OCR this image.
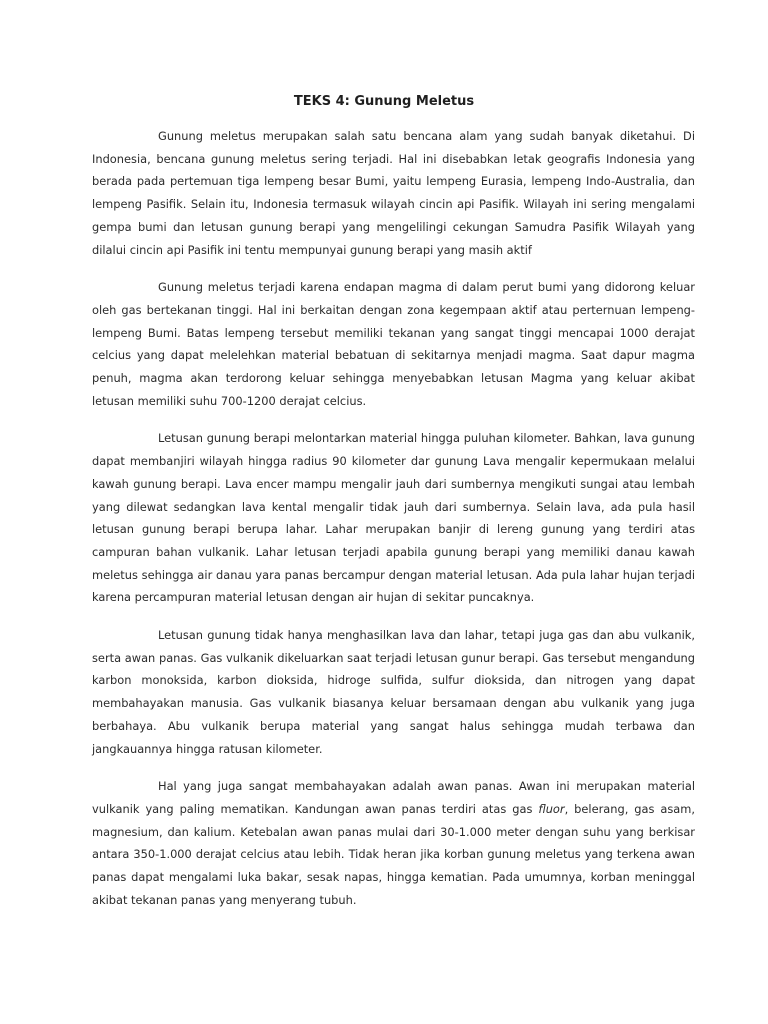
TEKS 4: Gunung Meletus

Gunung meletus merupakan salah satu bencana alam yang sudah banyak diketahui. Di Indonesia, bencana gunung meletus sering terjadi. Hal ini disebabkan letak geografis Indonesia yang berada pada pertemuan tiga lempeng besar Bumi, yaitu lempeng Eurasia, lempeng Indo-Australia, dan lempeng Pasifik. Selain itu, Indonesia termasuk wilayah cincin api Pasifik. Wilayah ini sering mengalami gempa bumi dan letusan gunung berapi yang mengelilingi cekungan Samudra Pasifik Wilayah yang dilalui cincin api Pasifik ini tentu mempunyai gunung berapi yang masih aktif

Gunung meletus terjadi karena endapan magma di dalam perut bumi yang didorong keluar oleh gas bertekanan tinggi. Hal ini berkaitan dengan zona kegempaan aktif atau perternuan lempeng-lempeng Bumi. Batas lempeng tersebut memiliki tekanan yang sangat tinggi mencapai 1000 derajat celcius yang dapat melelehkan material bebatuan di sekitarnya menjadi magma. Saat dapur magma penuh, magma akan terdorong keluar sehingga menyebabkan letusan Magma yang keluar akibat letusan memiliki suhu 700-1200 derajat celcius.

Letusan gunung berapi melontarkan material hingga puluhan kilometer. Bahkan, lava gunung dapat membanjiri wilayah hingga radius 90 kilometer dar gunung Lava mengalir kepermukaan melalui kawah gunung berapi. Lava encer mampu mengalir jauh dari sumbernya mengikuti sungai atau lembah yang dilewat sedangkan lava kental mengalir tidak jauh dari sumbernya. Selain lava, ada pula hasil letusan gunung berapi berupa lahar. Lahar merupakan banjir di lereng gunung yang terdiri atas campuran bahan vulkanik. Lahar letusan terjadi apabila gunung berapi yang memiliki danau kawah meletus sehingga air danau yara panas bercampur dengan material letusan. Ada pula lahar hujan terjadi karena percampuran material letusan dengan air hujan di sekitar puncaknya.

Letusan gunung tidak hanya menghasilkan lava dan lahar, tetapi juga gas dan abu vulkanik, serta awan panas. Gas vulkanik dikeluarkan saat terjadi letusan gunur berapi. Gas tersebut mengandung karbon monoksida, karbon dioksida, hidroge sulfida, sulfur dioksida, dan nitrogen yang dapat membahayakan manusia. Gas vulkanik biasanya keluar bersamaan dengan abu vulkanik yang juga berbahaya. Abu vulkanik berupa material yang sangat halus sehingga mudah terbawa dan jangkauannya hingga ratusan kilometer.

Hal yang juga sangat membahayakan adalah awan panas. Awan ini merupakan material vulkanik yang paling mematikan. Kandungan awan panas terdiri atas gas fluor, belerang, gas asam, magnesium, dan kalium. Ketebalan awan panas mulai dari 30-1.000 meter dengan suhu yang berkisar antara 350-1.000 derajat celcius atau lebih. Tidak heran jika korban gunung meletus yang terkena awan panas dapat mengalami luka bakar, sesak napas, hingga kematian. Pada umumnya, korban meninggal akibat tekanan panas yang menyerang tubuh.
